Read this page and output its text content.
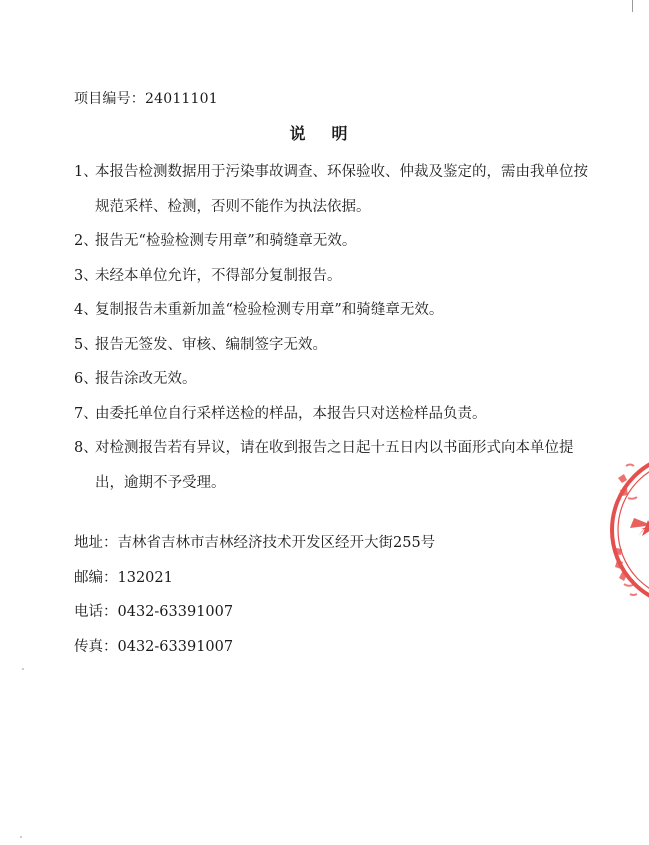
项目编号：24011101
说明
1、
本报告检测数据用于污染事故调查、环保验收、仲裁及鉴定的，需由我单位按规范采样、检测，否则不能作为执法依据。
2、
报告无“检验检测专用章”和骑缝章无效。
3、
未经本单位允许，不得部分复制报告。
4、
复制报告未重新加盖“检验检测专用章”和骑缝章无效。
5、
报告无签发、审核、编制签字无效。
6、
报告涂改无效。
7、
由委托单位自行采样送检的样品，本报告只对送检样品负责。
8、
对检测报告若有异议，请在收到报告之日起十五日内以书面形式向本单位提出，逾期不予受理。
地址：吉林省吉林市吉林经济技术开发区经开大街255号
邮编：132021
电话：0432-63391007
传真：0432-63391007
